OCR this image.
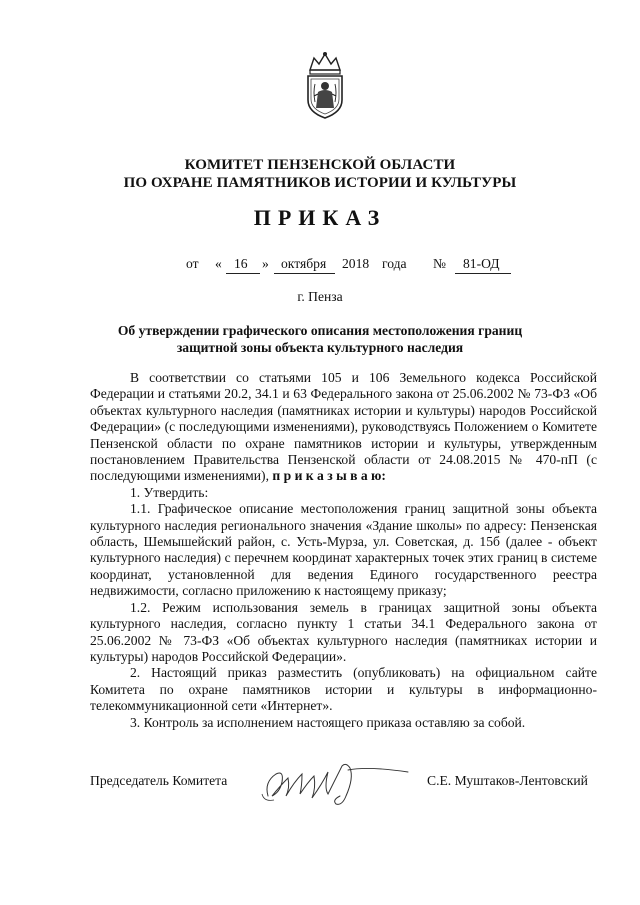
КОМИТЕТ ПЕНЗЕНСКОЙ ОБЛАСТИ
ПО ОХРАНЕ ПАМЯТНИКОВ ИСТОРИИ И КУЛЬТУРЫ
ПРИКАЗ
от « 16 » октября 2018 года № 81-ОД
г. Пенза
Об утверждении графического описания местоположения границ защитной зоны объекта культурного наследия

В соответствии со статьями 105 и 106 Земельного кодекса Российской Федерации и статьями 20.2, 34.1 и 63 Федерального закона от 25.06.2002 № 73-ФЗ «Об объектах культурного наследия (памятниках истории и культуры) народов Российской Федерации» (с последующими изменениями), руководствуясь Положением о Комитете Пензенской области по охране памятников истории и культуры, утвержденным постановлением Правительства Пензенской области от 24.08.2015 № 470-пП (с последующими изменениями), п р и к а з ы в а ю:

1. Утвердить:

1.1. Графическое описание местоположения границ защитной зоны объекта культурного наследия регионального значения «Здание школы» по адресу: Пензенская область, Шемышейский район, с. Усть-Мурза, ул. Советская, д. 15б (далее - объект культурного наследия) с перечнем координат характерных точек этих границ в системе координат, установленной для ведения Единого государственного реестра недвижимости, согласно приложению к настоящему приказу;

1.2. Режим использования земель в границах защитной зоны объекта культурного наследия, согласно пункту 1 статьи 34.1 Федерального закона от 25.06.2002 № 73-ФЗ «Об объектах культурного наследия (памятниках истории и культуры) народов Российской Федерации».

2. Настоящий приказ разместить (опубликовать) на официальном сайте Комитета по охране памятников истории и культуры в информационно-телекоммуникационной сети «Интернет».

3. Контроль за исполнением настоящего приказа оставляю за собой.

Председатель Комитета	С.Е. Муштаков-Лентовский
